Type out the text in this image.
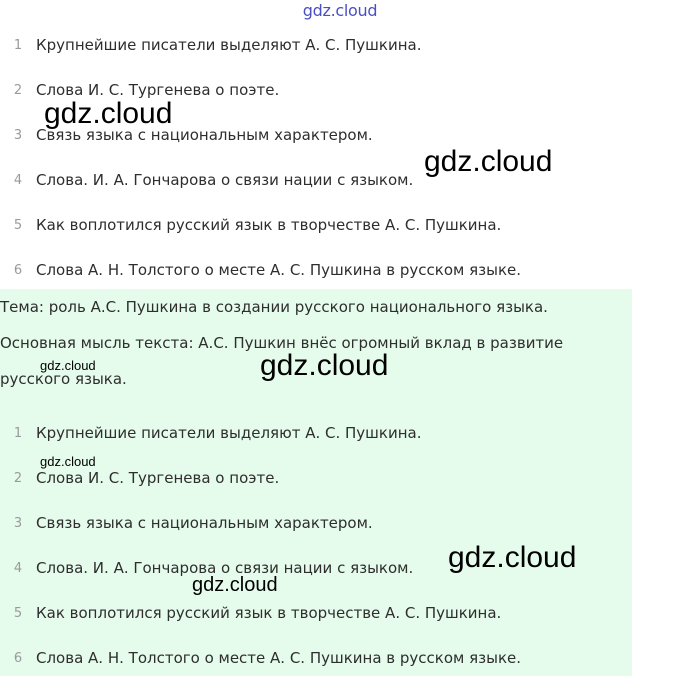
gdz.cloud
1 Крупнейшие писатели выделяют А. С. Пушкина.
2 Слова И. С. Тургенева о поэте.
3 Связь языка с национальным характером.
4 Слова. И. А. Гончарова о связи нации с языком.
5 Как воплотился русский язык в творчестве А. С. Пушкина.
6 Слова А. Н. Толстого о месте А. С. Пушкина в русском языке.

Тема: роль А.С. Пушкина в создании русского национального языка.

Основная мысль текста: А.С. Пушкин внёс огромный вклад в развитие русского языка.

1 Крупнейшие писатели выделяют А. С. Пушкина.
2 Слова И. С. Тургенева о поэте.
3 Связь языка с национальным характером.
4 Слова. И. А. Гончарова о связи нации с языком.
5 Как воплотился русский язык в творчестве А. С. Пушкина.
6 Слова А. Н. Толстого о месте А. С. Пушкина в русском языке.
gdz.cloud
gdz.cloud
gdz.cloud	gdz.cloud
gdz.cloud
gdz.cloud
gdz.cloud
